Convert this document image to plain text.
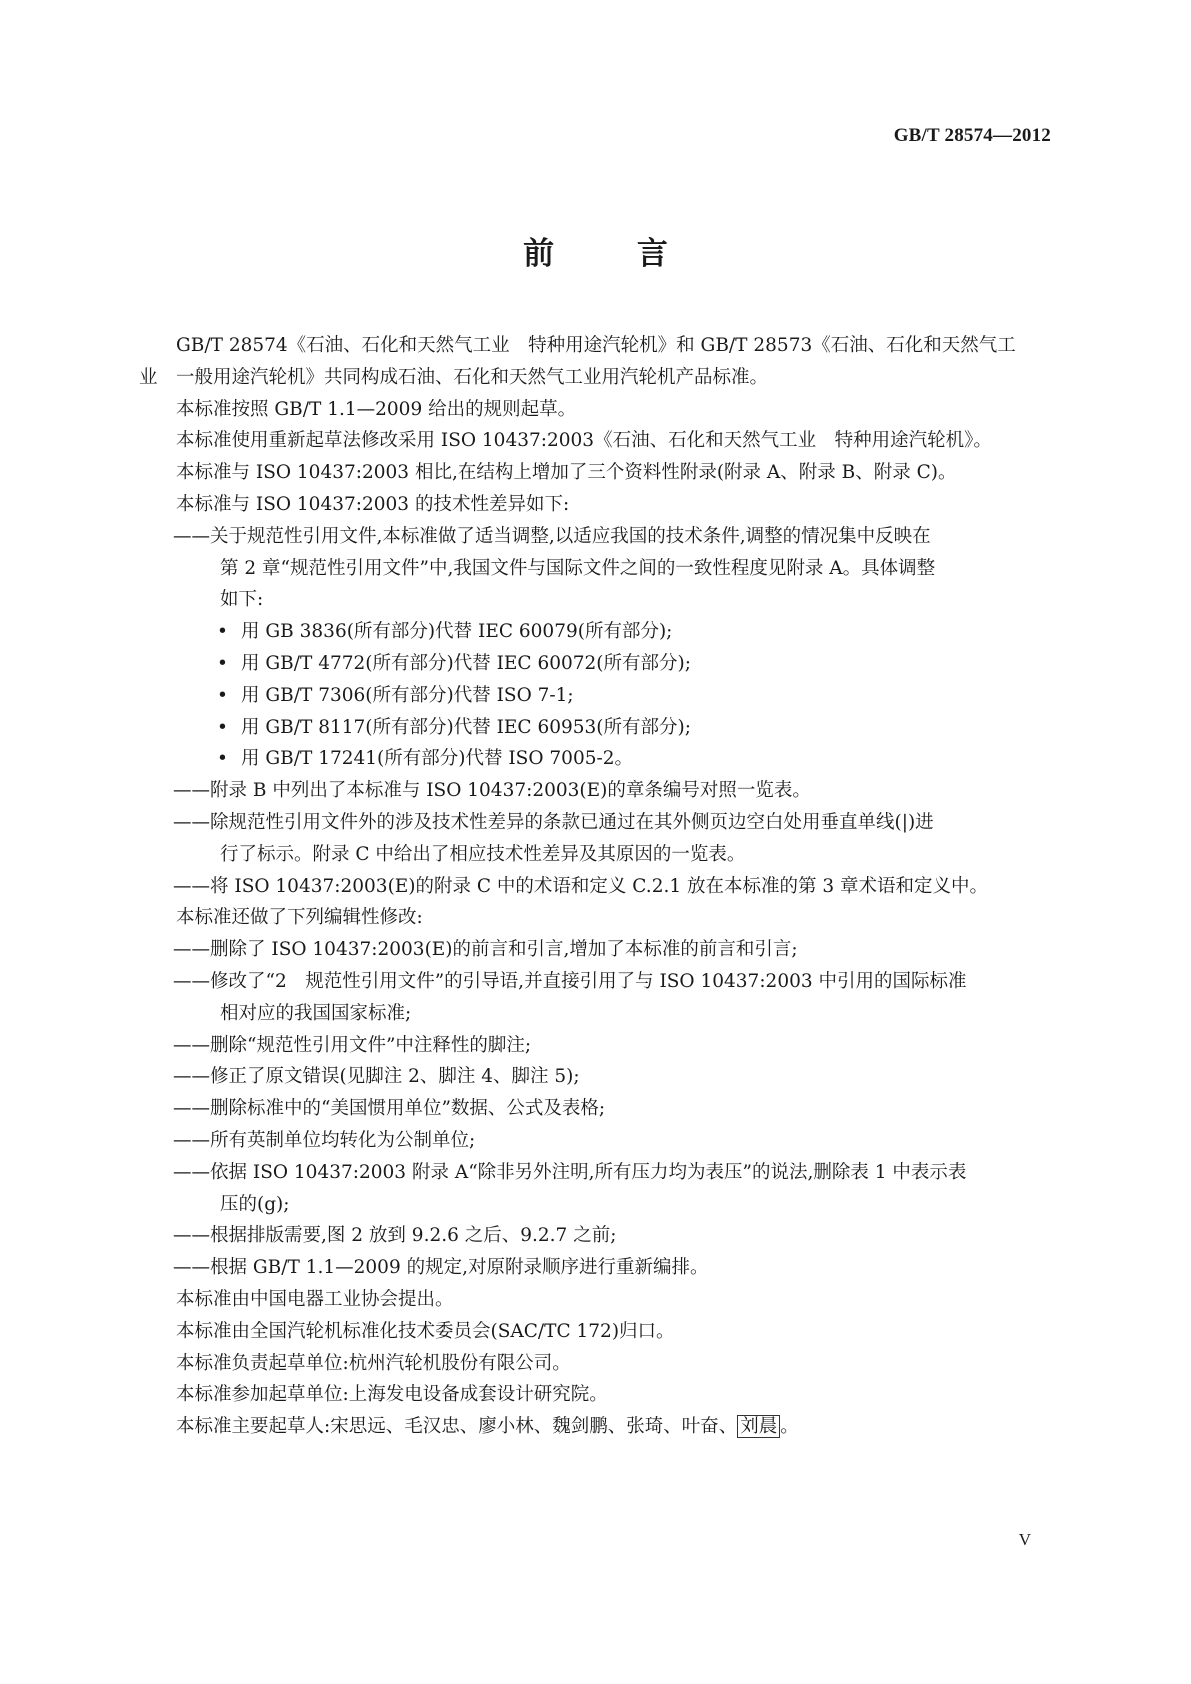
GB/T 28574—2012
前 言
GB/T 28574《石油、石化和天然气工业　特种用途汽轮机》和 GB/T 28573《石油、石化和天然气工
业 一般用途汽轮机》共同构成石油、石化和天然气工业用汽轮机产品标准。
本标准按照 GB/T 1.1—2009 给出的规则起草。
本标准使用重新起草法修改采用 ISO 10437:2003《石油、石化和天然气工业　特种用途汽轮机》。
本标准与 ISO 10437:2003 相比,在结构上增加了三个资料性附录(附录 A、附录 B、附录 C)。
本标准与 ISO 10437:2003 的技术性差异如下:
——关于规范性引用文件,本标准做了适当调整,以适应我国的技术条件,调整的情况集中反映在
第 2 章“规范性引用文件”中,我国文件与国际文件之间的一致性程度见附录 A。具体调整
如下:
• 用 GB 3836(所有部分)代替 IEC 60079(所有部分);
• 用 GB/T 4772(所有部分)代替 IEC 60072(所有部分);
• 用 GB/T 7306(所有部分)代替 ISO 7-1;
• 用 GB/T 8117(所有部分)代替 IEC 60953(所有部分);
• 用 GB/T 17241(所有部分)代替 ISO 7005-2。
——附录 B 中列出了本标准与 ISO 10437:2003(E)的章条编号对照一览表。
——除规范性引用文件外的涉及技术性差异的条款已通过在其外侧页边空白处用垂直单线(|)进
行了标示。附录 C 中给出了相应技术性差异及其原因的一览表。
——将 ISO 10437:2003(E)的附录 C 中的术语和定义 C.2.1 放在本标准的第 3 章术语和定义中。
本标准还做了下列编辑性修改:
——删除了 ISO 10437:2003(E)的前言和引言,增加了本标准的前言和引言;
——修改了“2　规范性引用文件”的引导语,并直接引用了与 ISO 10437:2003 中引用的国际标准
相对应的我国国家标准;
——删除“规范性引用文件”中注释性的脚注;
——修正了原文错误(见脚注 2、脚注 4、脚注 5);
——删除标准中的“美国惯用单位”数据、公式及表格;
——所有英制单位均转化为公制单位;
——依据 ISO 10437:2003 附录 A“除非另外注明,所有压力均为表压”的说法,删除表 1 中表示表
压的(g);
——根据排版需要,图 2 放到 9.2.6 之后、9.2.7 之前;
——根据 GB/T 1.1—2009 的规定,对原附录顺序进行重新编排。
本标准由中国电器工业协会提出。
本标准由全国汽轮机标准化技术委员会(SAC/TC 172)归口。
本标准负责起草单位:杭州汽轮机股份有限公司。
本标准参加起草单位:上海发电设备成套设计研究院。
本标准主要起草人:宋思远、毛汉忠、廖小林、魏剑鹏、张琦、叶奋、 刘晨 。
V
